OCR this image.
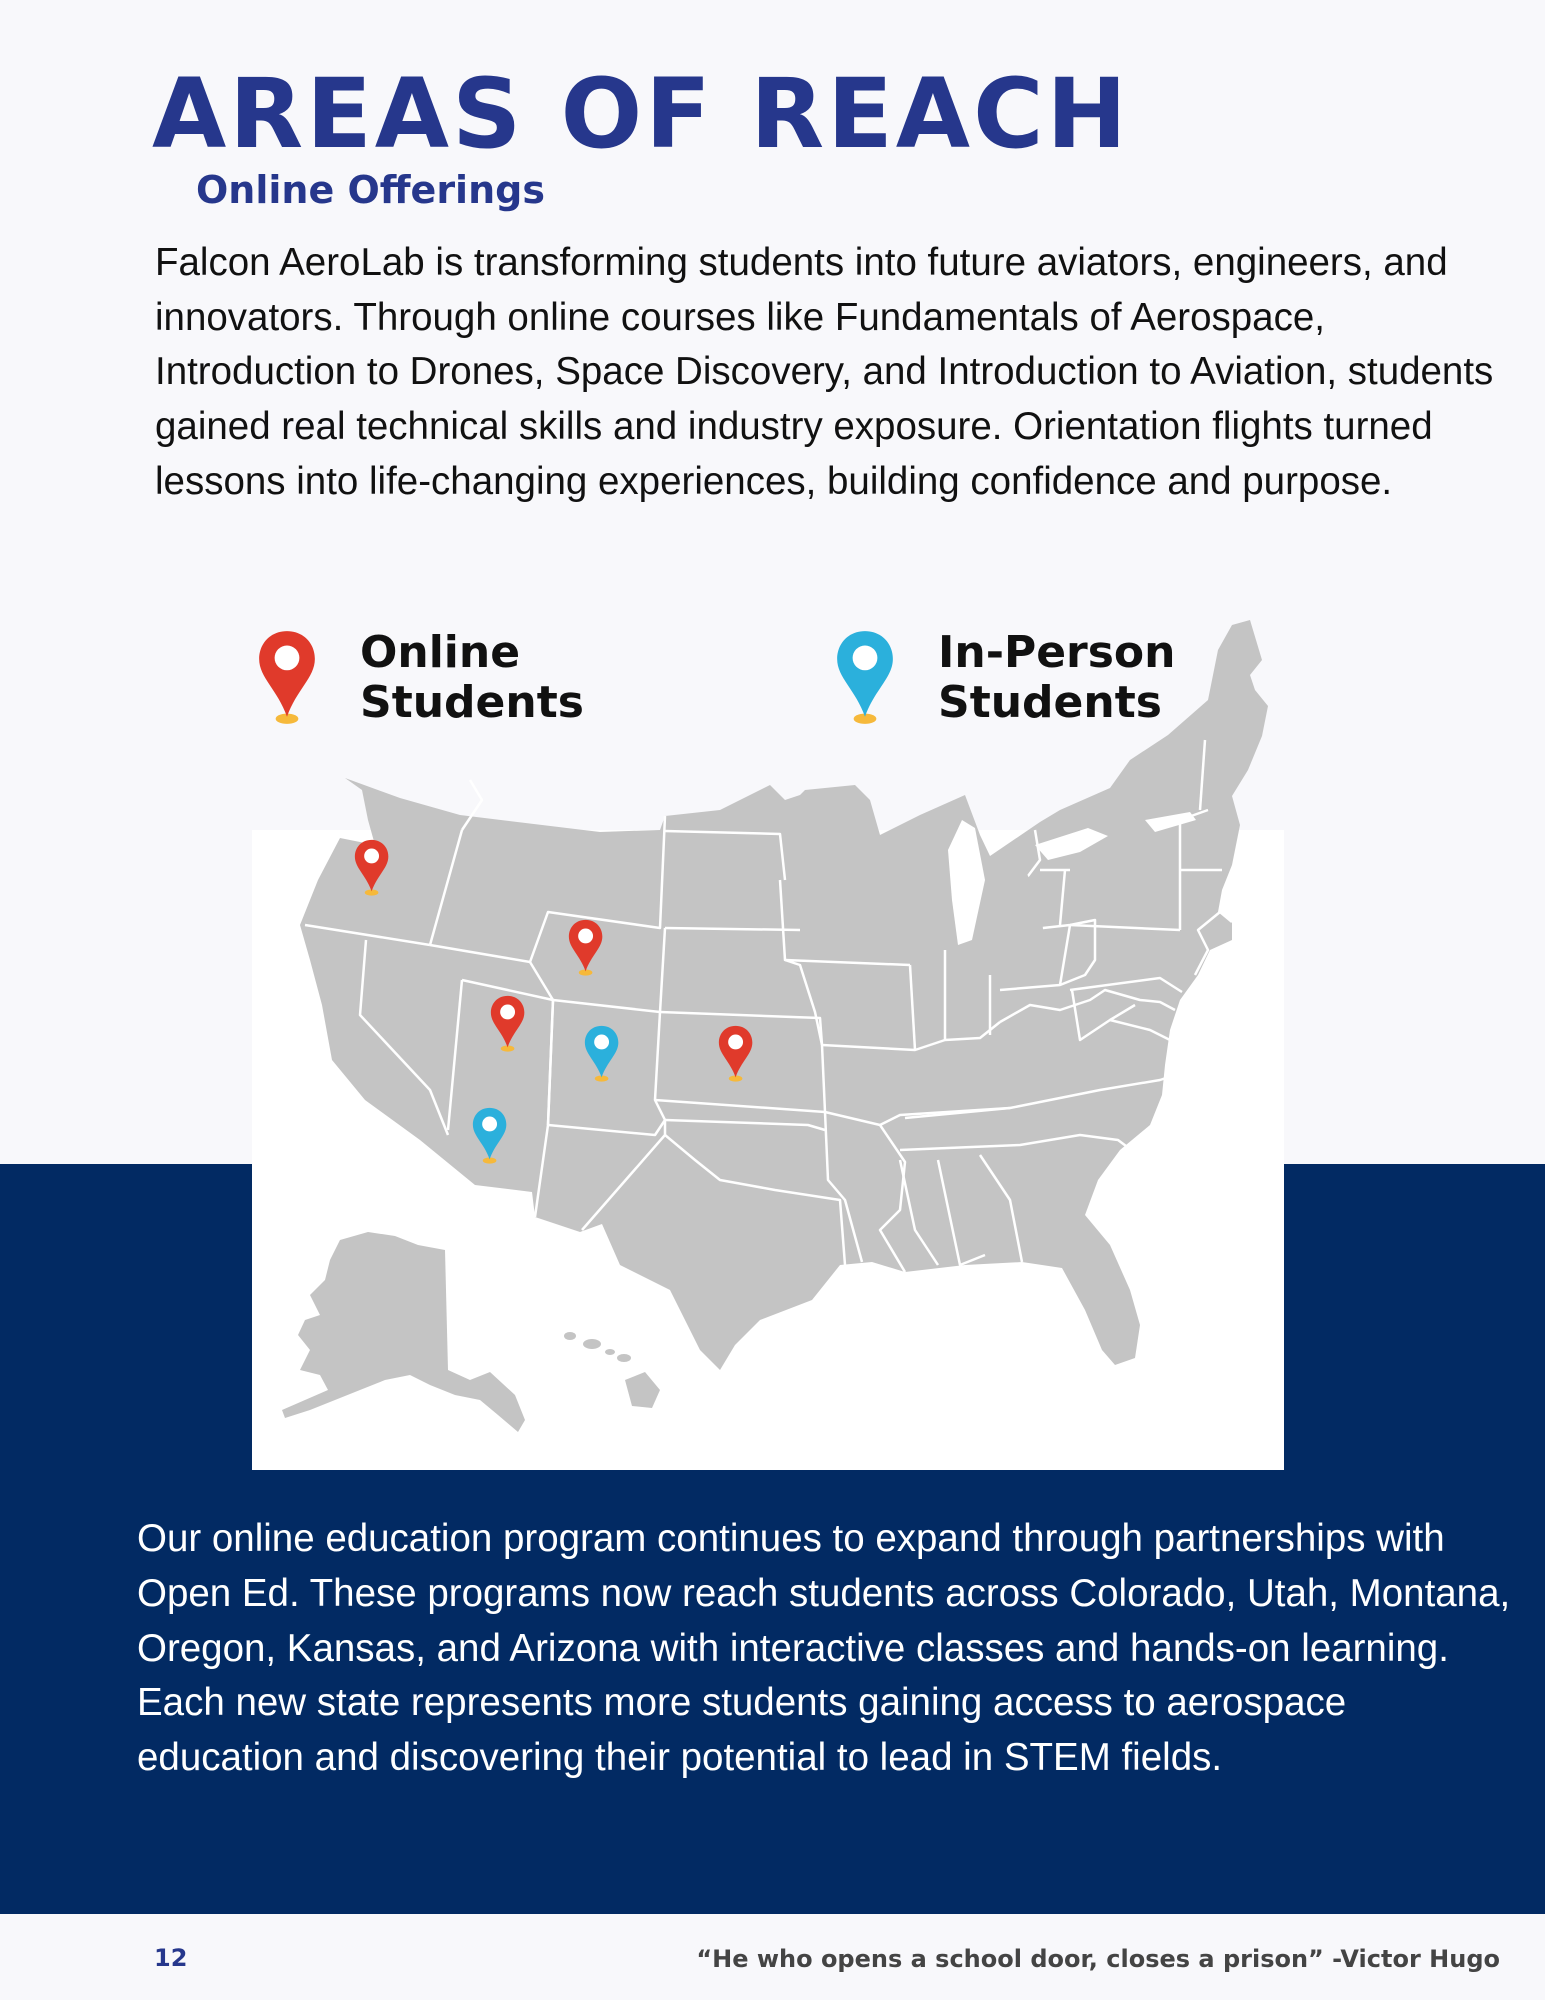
AREAS OF REACH
Online Offerings

Falcon AeroLab is transforming students into future aviators, engineers, and innovators. Through online courses like Fundamentals of Aerospace, Introduction to Drones, Space Discovery, and Introduction to Aviation, students gained real technical skills and industry exposure. Orientation flights turned lessons into life-changing experiences, building confidence and purpose.

Online Students
In-Person Students

Our online education program continues to expand through partnerships with Open Ed. These programs now reach students across Colorado, Utah, Montana, Oregon, Kansas, and Arizona with interactive classes and hands-on learning. Each new state represents more students gaining access to aerospace education and discovering their potential to lead in STEM fields.

12	“He who opens a school door, closes a prison” -Victor Hugo
